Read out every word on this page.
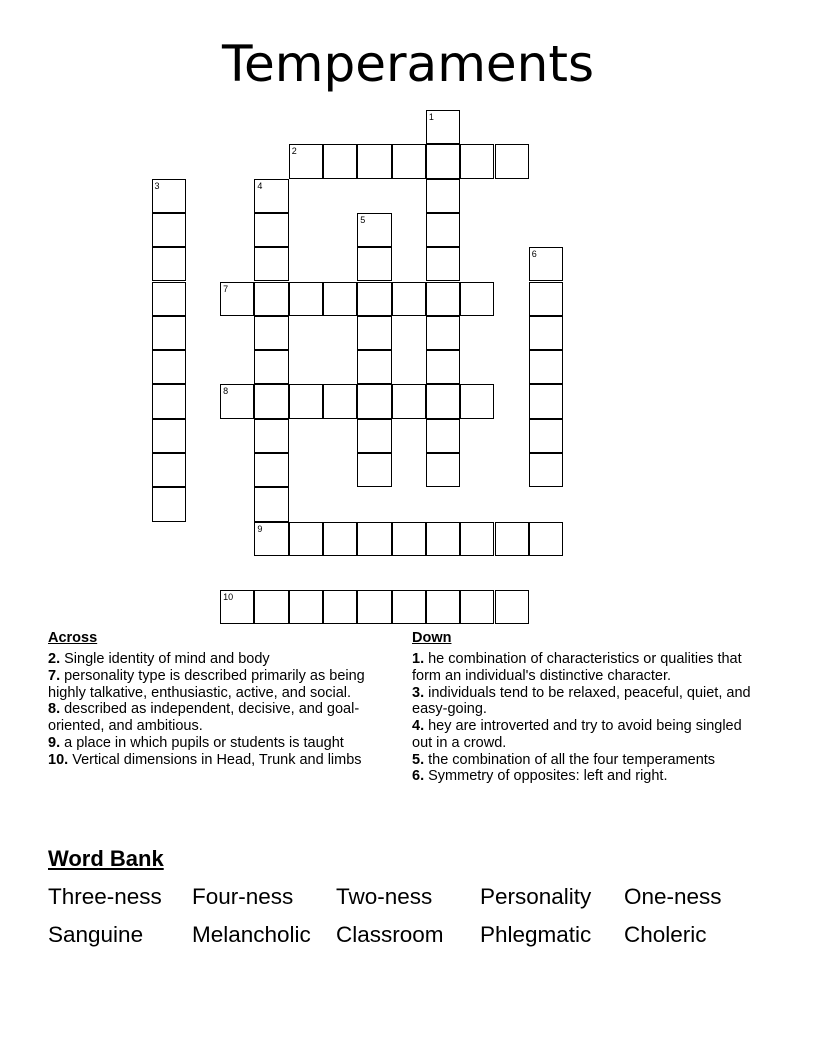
Temperaments
1
2
3	4
5
6
7
8
9
10
Across
2. Single identity of mind and body
7. personality type is described primarily as being highly talkative, enthusiastic, active, and social.
8. described as independent, decisive, and goal-oriented, and ambitious.
9. a place in which pupils or students is taught
10. Vertical dimensions in Head, Trunk and limbs
Down
1. he combination of characteristics or qualities that form an individual's distinctive character.
3. individuals tend to be relaxed, peaceful, quiet, and easy-going.
4. hey are introverted and try to avoid being singled out in a crowd.
5. the combination of all the four temperaments
6. Symmetry of opposites: left and right.
Word Bank
Three-ness Four-ness Two-ness Personality One-ness
Sanguine Melancholic Classroom Phlegmatic Choleric
